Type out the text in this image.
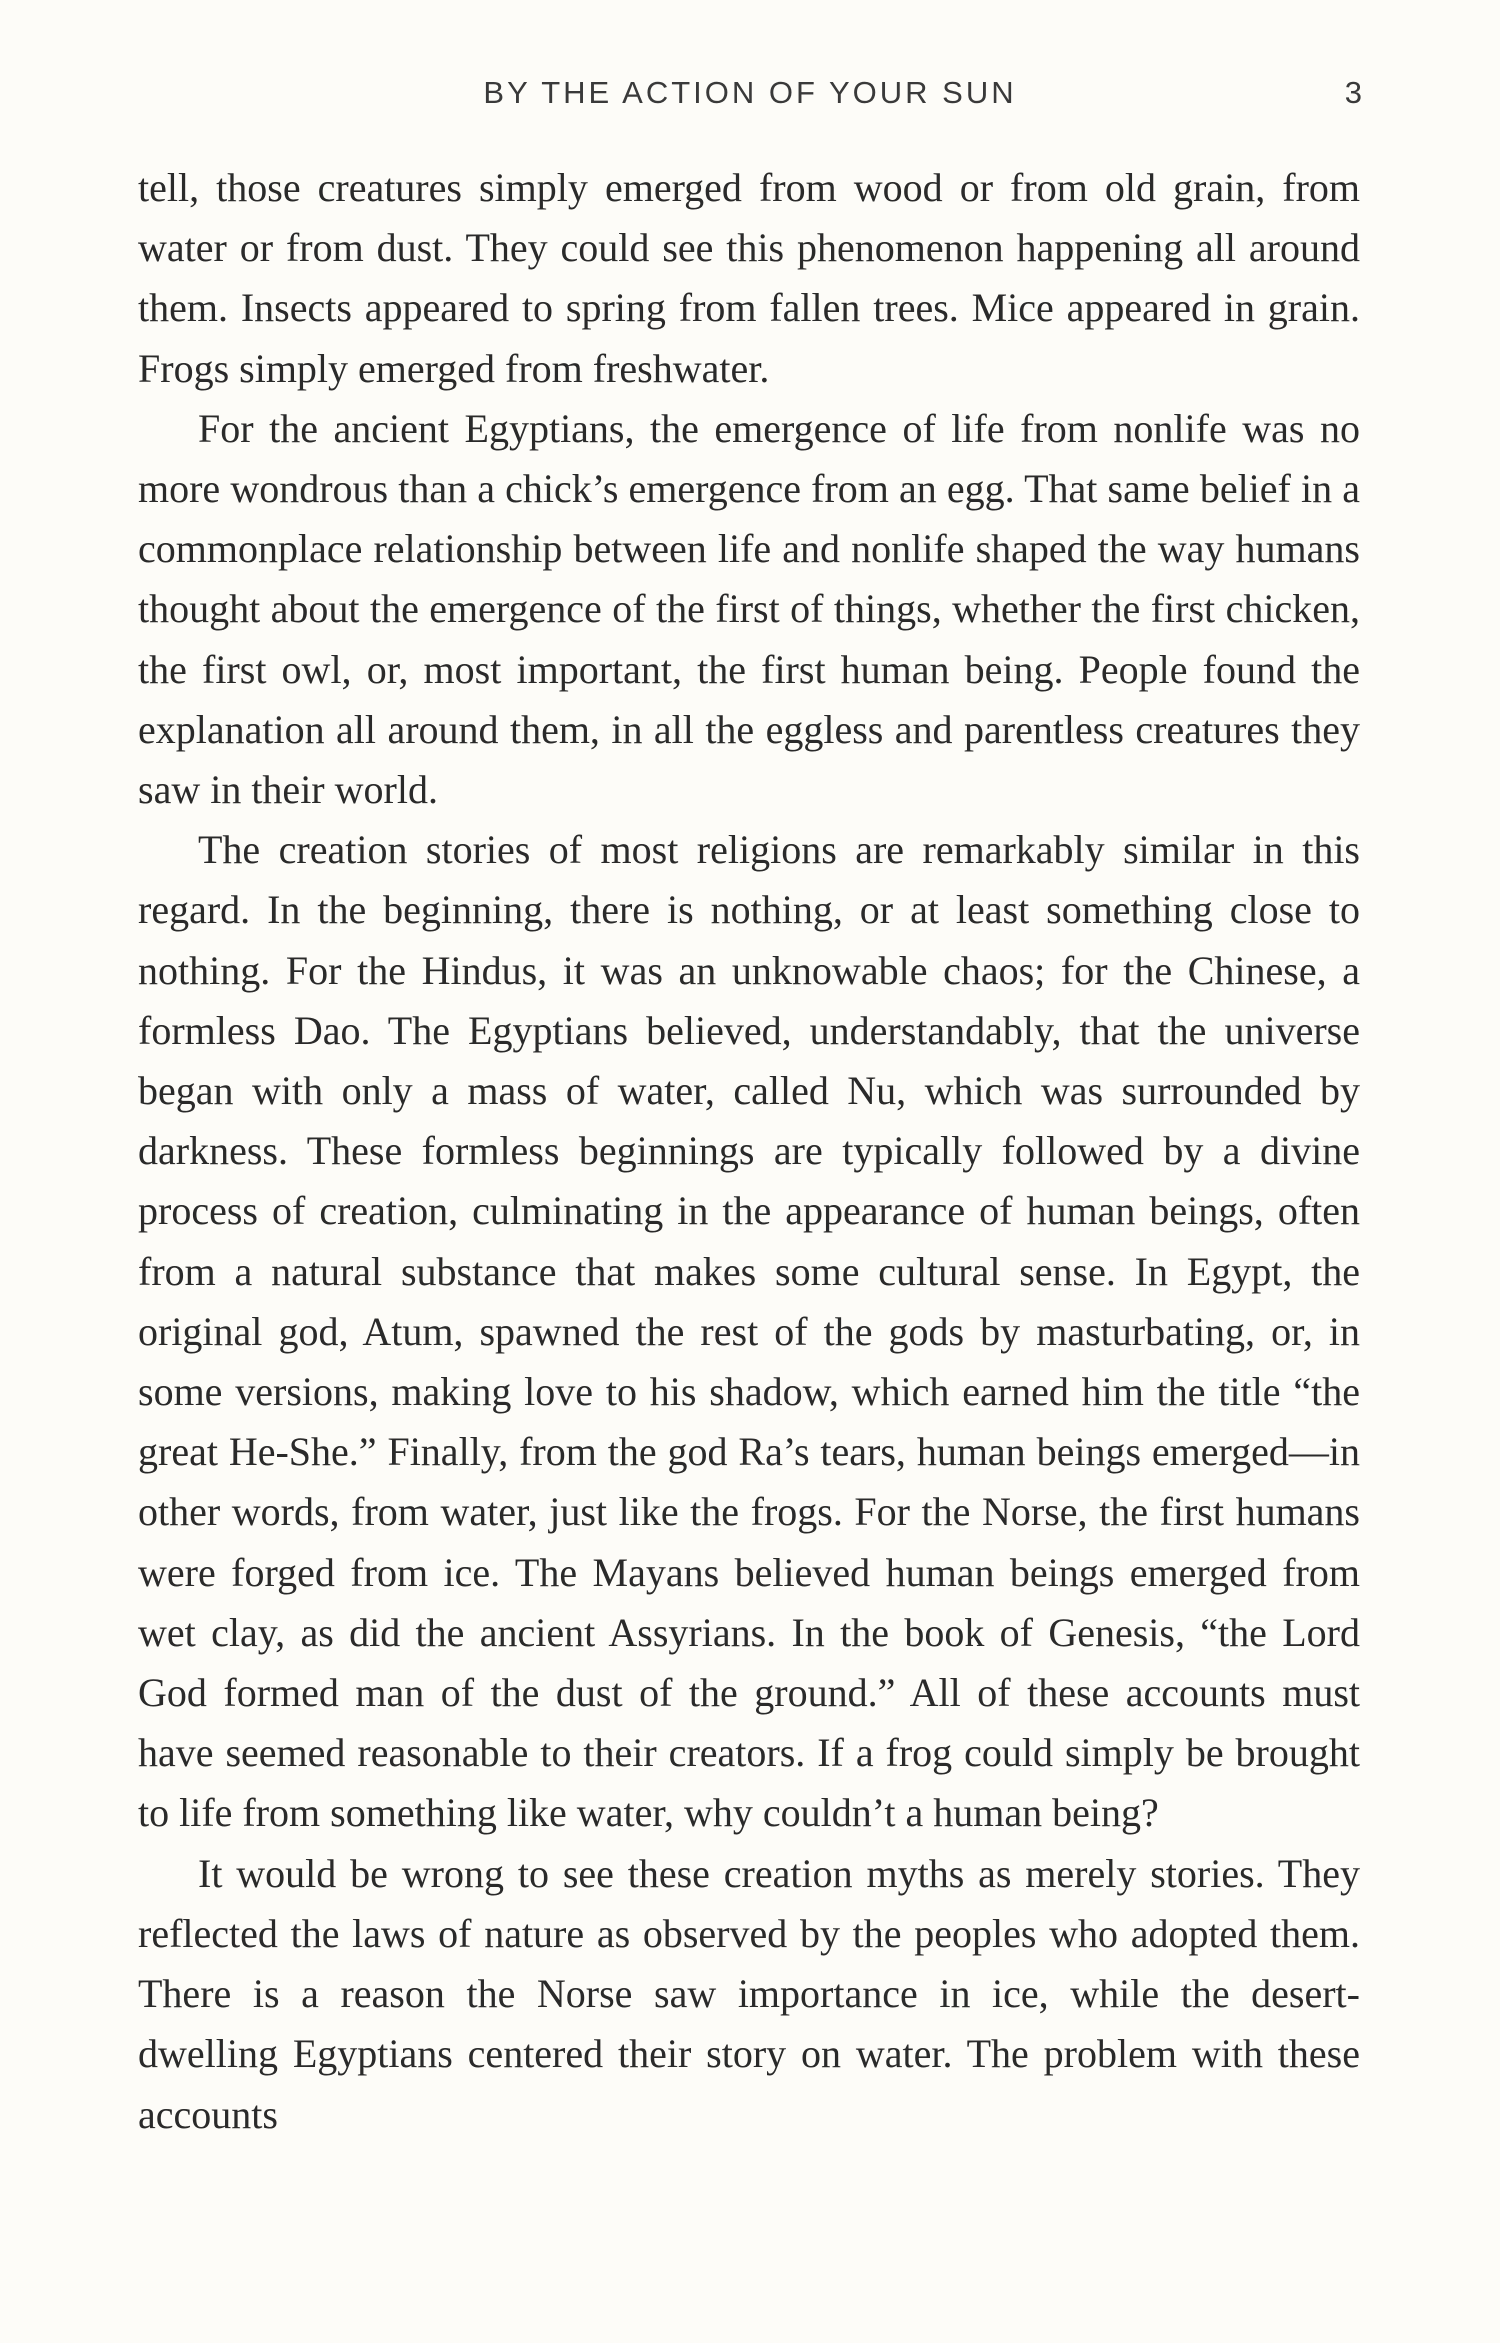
BY THE ACTION OF YOUR SUN	3

tell, those creatures simply emerged from wood or from old grain, from water or from dust. They could see this phenomenon happening all around them. Insects appeared to spring from fallen trees. Mice appeared in grain. Frogs simply emerged from freshwater.

For the ancient Egyptians, the emergence of life from nonlife was no more wondrous than a chick’s emergence from an egg. That same belief in a commonplace relationship between life and nonlife shaped the way humans thought about the emergence of the first of things, whether the first chicken, the first owl, or, most important, the first human being. People found the explanation all around them, in all the eggless and parentless creatures they saw in their world.

The creation stories of most religions are remarkably similar in this regard. In the beginning, there is nothing, or at least something close to nothing. For the Hindus, it was an unknowable chaos; for the Chinese, a formless Dao. The Egyptians believed, understandably, that the universe began with only a mass of water, called Nu, which was surrounded by darkness. These formless beginnings are typically followed by a divine process of creation, culminating in the appearance of human beings, often from a natural substance that makes some cultural sense. In Egypt, the original god, Atum, spawned the rest of the gods by masturbating, or, in some versions, making love to his shadow, which earned him the title “the great He-She.” Finally, from the god Ra’s tears, human beings emerged—in other words, from water, just like the frogs. For the Norse, the first humans were forged from ice. The Mayans believed human beings emerged from wet clay, as did the ancient Assyrians. In the book of Genesis, “the Lord God formed man of the dust of the ground.” All of these accounts must have seemed reasonable to their creators. If a frog could simply be brought to life from something like water, why couldn’t a human being?

It would be wrong to see these creation myths as merely stories. They reflected the laws of nature as observed by the peoples who adopted them. There is a reason the Norse saw importance in ice, while the desert-dwelling Egyptians centered their story on water. The problem with these accounts
